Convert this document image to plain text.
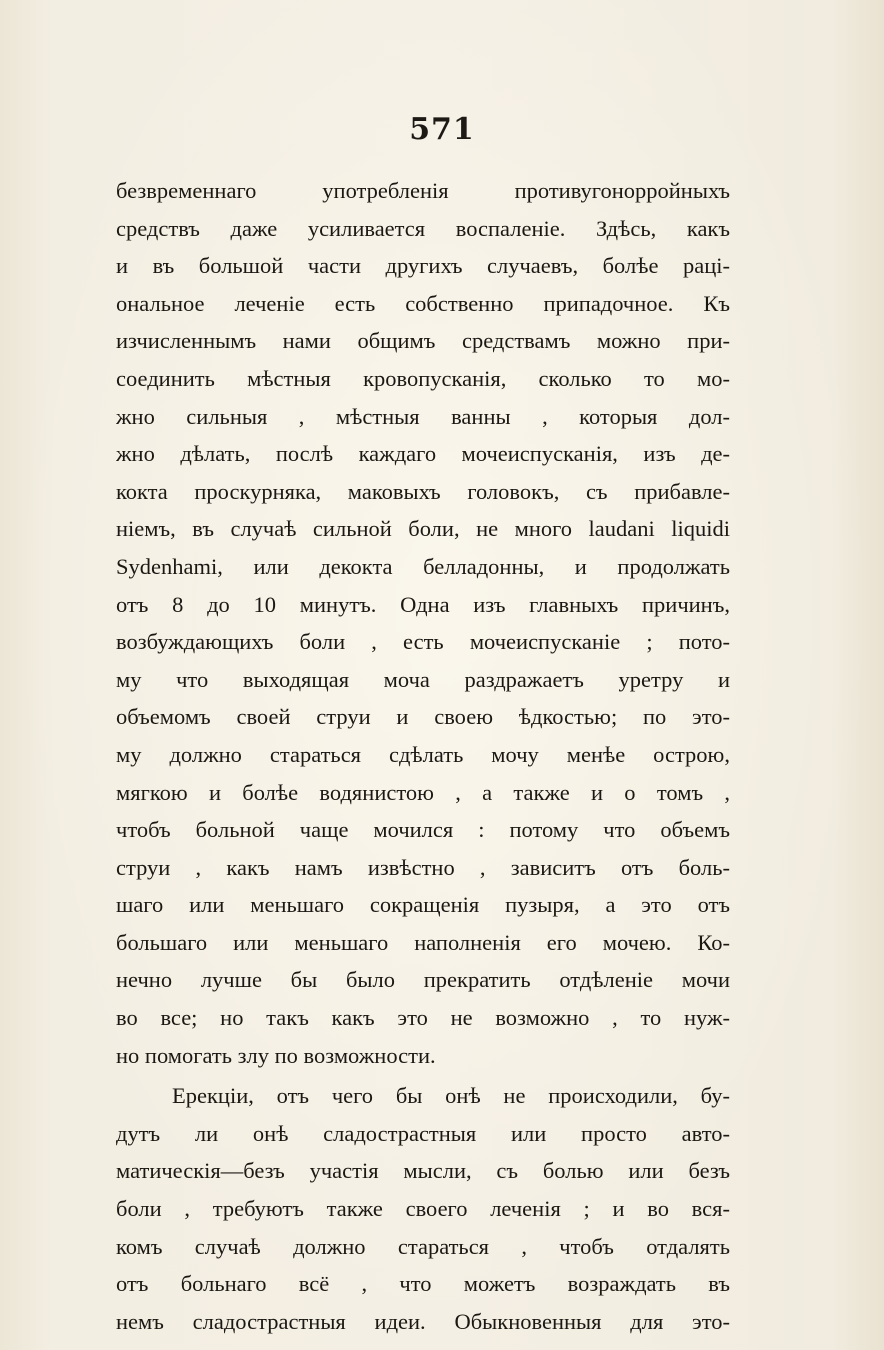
571

безвременнаго употребленія противугонорройныхъ
средствъ даже усиливается воспаленіе. Здѣсь, какъ
и въ большой части другихъ случаевъ, болѣе раці-
ональное леченіе есть собственно припадочное. Къ
изчисленнымъ нами общимъ средствамъ можно при-
соединить мѣстныя кровопусканія, сколько то мо-
жно сильныя , мѣстныя ванны , которыя дол-
жно дѣлать, послѣ каждаго мочеиспусканія, изъ де-
кокта проскурняка, маковыхъ головокъ, съ прибавле-
ніемъ, въ случаѣ сильной боли, не много laudani liquidi
Sydenhami, или декокта белладонны, и продолжать
отъ 8 до 10 минутъ. Одна изъ главныхъ причинъ,
возбуждающихъ боли , есть мочеиспусканіе ; пото-
му что выходящая моча раздражаетъ уретру и
объемомъ своей струи и своею ѣдкостью; по это-
му должно стараться сдѣлать мочу менѣе острою,
мягкою и болѣе водянистою , а также и о томъ ,
чтобъ больной чаще мочился : потому что объемъ
струи , какъ намъ извѣстно , зависитъ отъ боль-
шаго или меньшаго сокращенія пузыря, а это отъ
большаго или меньшаго наполненія его мочею. Ко-
нечно лучше бы было прекратить отдѣленіе мочи
во все; но такъ какъ это не возможно , то нуж-
но помогать злу по возможности.
Ерекціи, отъ чего бы онѣ не происходили, бу-
дутъ ли онѣ сладострастныя или просто авто-
матическія—безъ участія мысли, съ болью или безъ
боли , требуютъ также своего леченія ; и во вся-
комъ случаѣ должно стараться , чтобъ отдалять
отъ больнаго всё , что можетъ возраждать въ
немъ сладострастныя идеи. Обыкновенныя для это-
